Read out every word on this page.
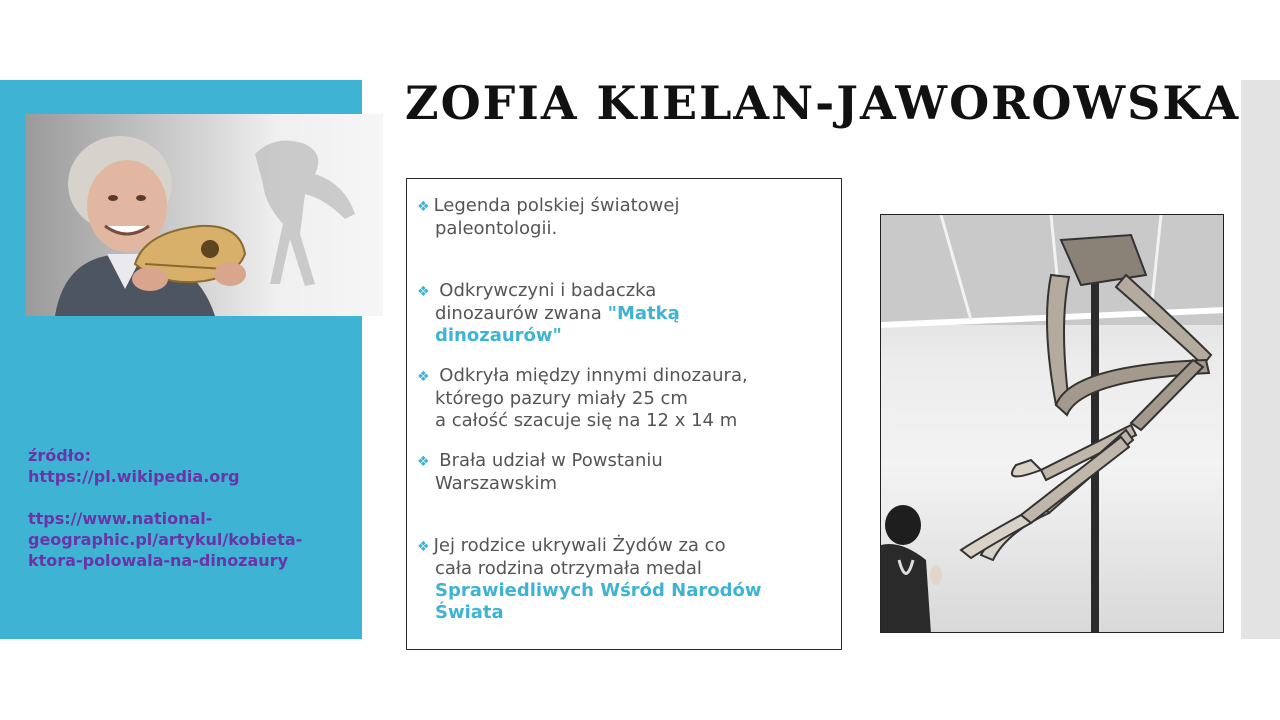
ZOFIA KIELAN-JAWOROWSKA
źródło:
https://pl.wikipedia.org
ttps://www.national-
geographic.pl/artykul/kobieta-
ktora-polowala-na-dinozaury
❖ Legenda polskiej światowej
paleontologii.
❖ Odkrywczyni i badaczka
dinozaurów zwana "Matką
dinozaurów"
❖ Odkryła między innymi dinozaura,
którego pazury miały 25 cm
a całość szacuje się na 12 x 14 m
❖ Brała udział w Powstaniu
Warszawskim
❖ Jej rodzice ukrywali Żydów za co
cała rodzina otrzymała medal
Sprawiedliwych Wśród Narodów
Świata
